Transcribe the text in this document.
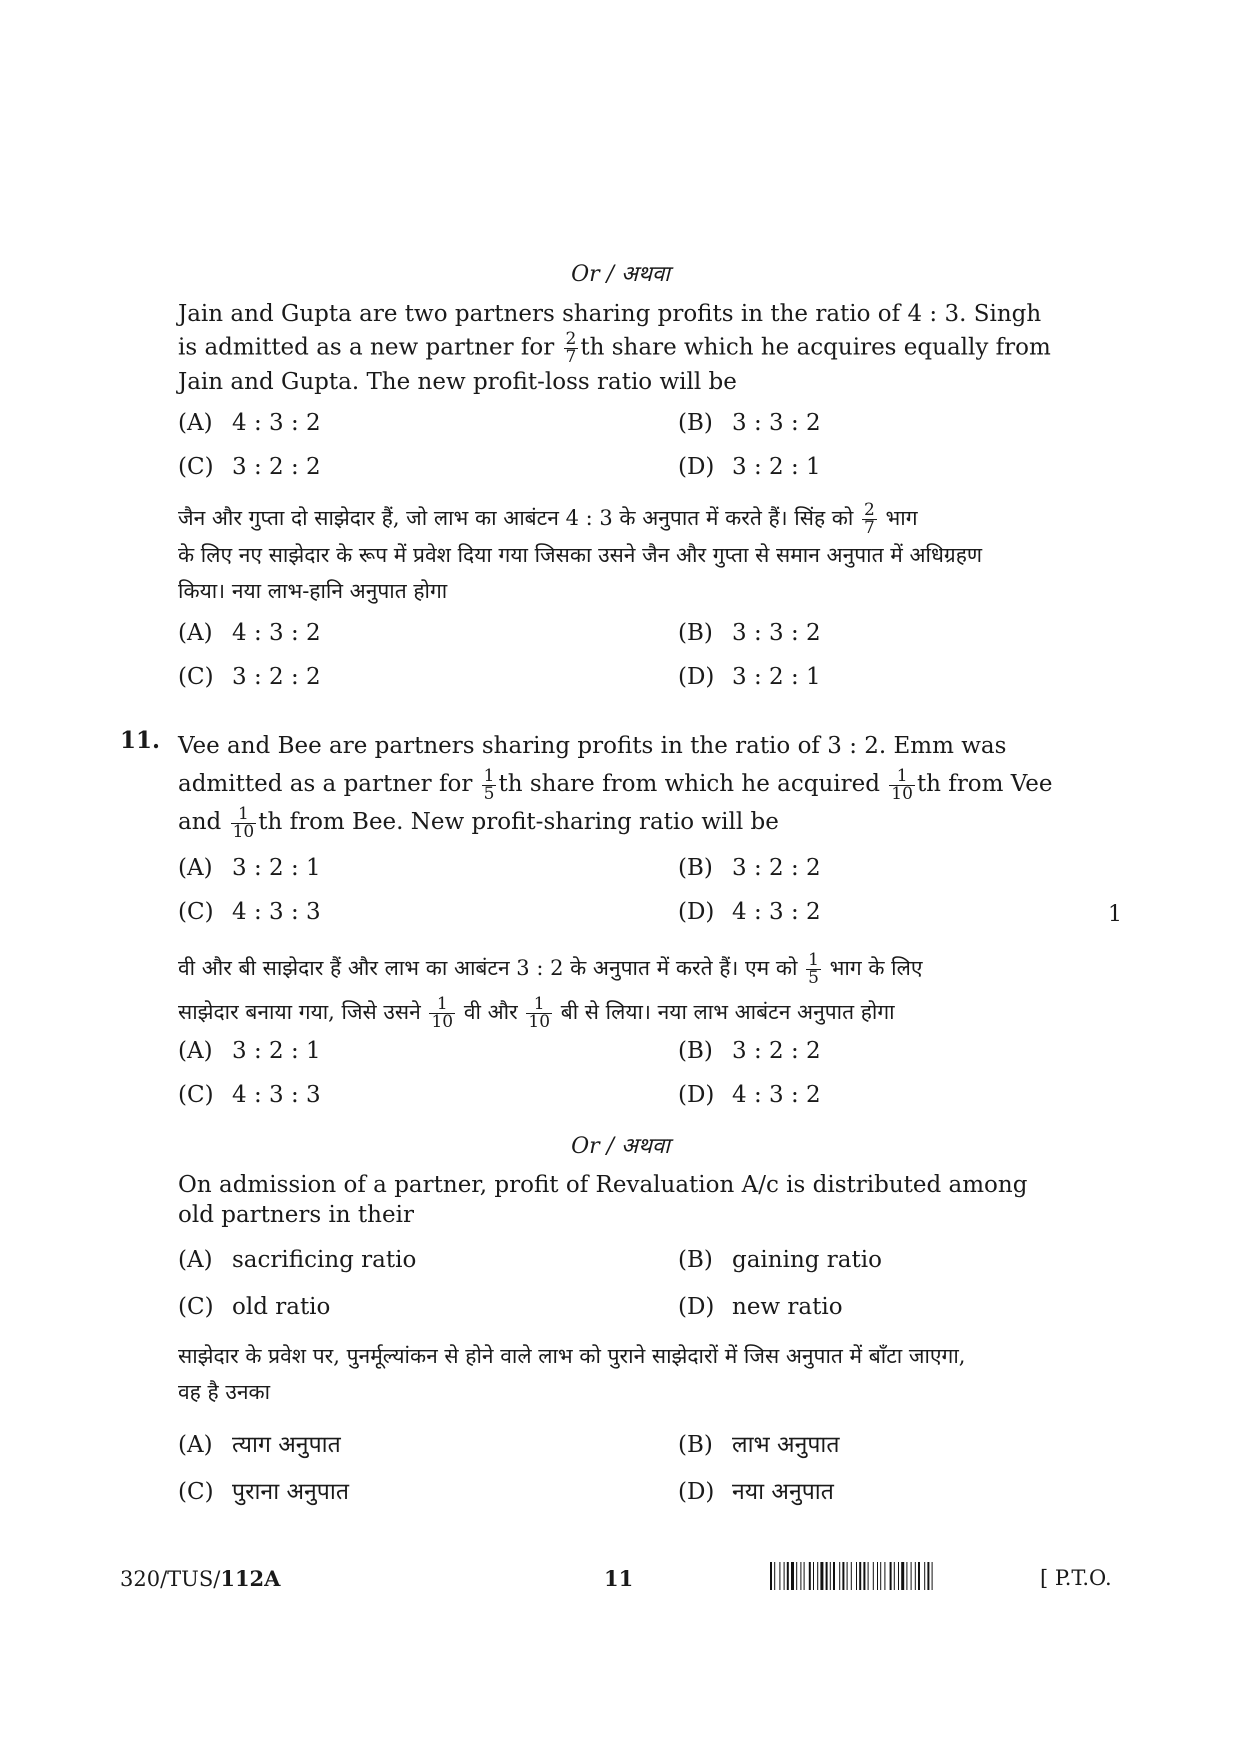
Or / अथवा
Jain and Gupta are two partners sharing profits in the ratio of 4 : 3. Singh
is admitted as a new partner for $\frac{2}{7}$ th share which he acquires equally from
Jain and Gupta. The new profit-loss ratio will be
(A) 4 : 3 : 2	(B) 3 : 3 : 2
(C) 3 : 2 : 2	(D) 3 : 2 : 1
जैन और गुप्ता दो साझेदार हैं, जो लाभ का आबंटन 4 : 3 के अनुपात में करते हैं। सिंह को $\frac{2}{7}$ भाग
के लिए नए साझेदार के रूप में प्रवेश दिया गया जिसका उसने जैन और गुप्ता से समान अनुपात में अधिग्रहण
किया। नया लाभ-हानि अनुपात होगा
(A) 4 : 3 : 2	(B) 3 : 3 : 2
(C) 3 : 2 : 2	(D) 3 : 2 : 1
11. Vee and Bee are partners sharing profits in the ratio of 3 : 2. Emm was
admitted as a partner for $\frac{1}{5}$ th share from which he acquired $\frac{1}{10}$ th from Vee
and $\frac{1}{10}$ th from Bee. New profit-sharing ratio will be
(A) 3 : 2 : 1	(B) 3 : 2 : 2
(C) 4 : 3 : 3	(D) 4 : 3 : 2	1
वी और बी साझेदार हैं और लाभ का आबंटन 3 : 2 के अनुपात में करते हैं। एम को $\frac{1}{5}$ भाग के लिए
साझेदार बनाया गया, जिसे उसने $\frac{1}{10}$ वी और $\frac{1}{10}$ बी से लिया। नया लाभ आबंटन अनुपात होगा
(A) 3 : 2 : 1	(B) 3 : 2 : 2
(C) 4 : 3 : 3	(D) 4 : 3 : 2
Or / अथवा
On admission of a partner, profit of Revaluation A/c is distributed among
old partners in their
(A) sacrificing ratio	(B) gaining ratio
(C) old ratio	(D) new ratio
साझेदार के प्रवेश पर, पुनर्मूल्यांकन से होने वाले लाभ को पुराने साझेदारों में जिस अनुपात में बाँटा जाएगा,
वह है उनका
(A) त्याग अनुपात	(B) लाभ अनुपात
(C) पुराना अनुपात	(D) नया अनुपात
320/TUS/112A	11	[ P.T.O.
